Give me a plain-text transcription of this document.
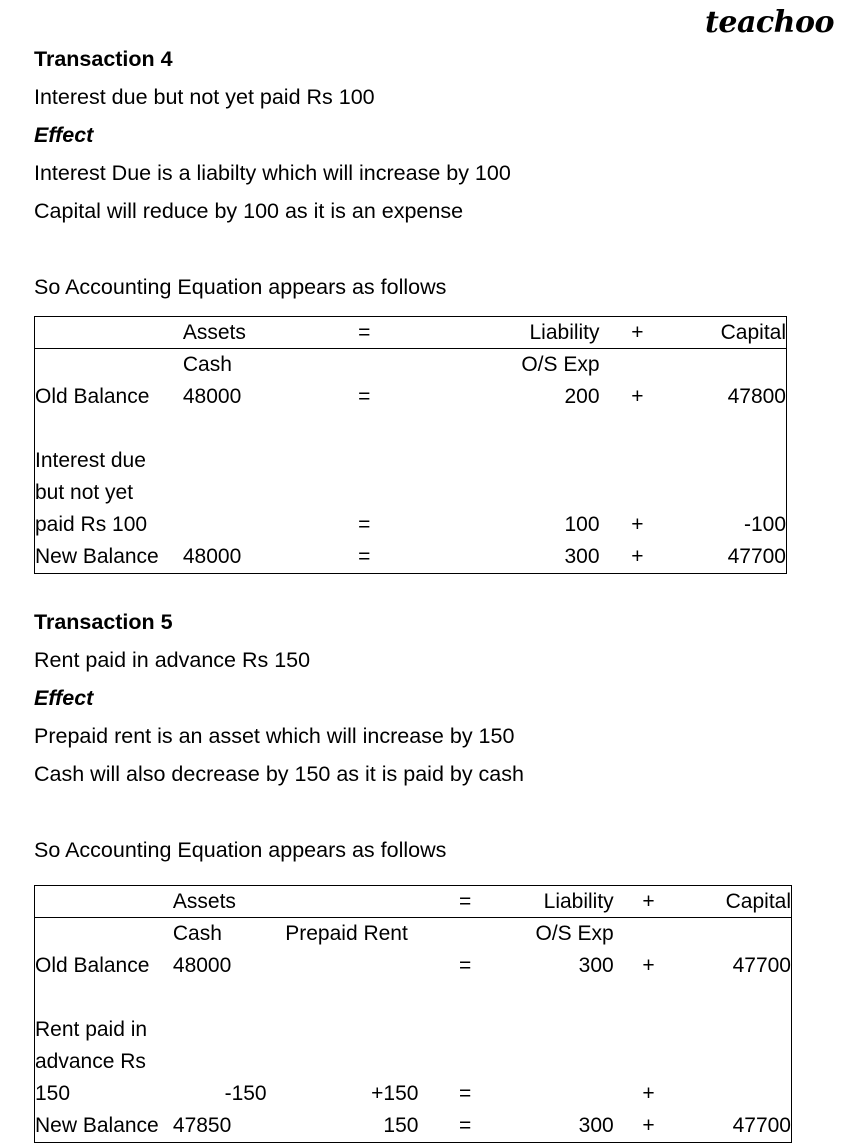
teachoo
Transaction 4
Interest due but not yet paid Rs 100
Effect
Interest Due is a liabilty which will increase by 100
Capital will reduce by 100 as it is an expense
So Accounting Equation appears as follows
	Assets	=	Liability	+	Capital
	Cash		O/S Exp		
Old Balance	48000	=	200	+	47800

Interest due
but not yet
paid Rs 100		=	100	+	-100
New Balance	48000	=	300	+	47700
Transaction 5
Rent paid in advance Rs 150
Effect
Prepaid rent is an asset which will increase by 150
Cash will also decrease by 150 as it is paid by cash
So Accounting Equation appears as follows
	Assets		=	Liability	+	Capital
	Cash	Prepaid Rent		O/S Exp		
Old Balance	48000		=	300	+	47700

Rent paid in
advance Rs
150	-150	+150	=		+	
New Balance	47850	150	=	300	+	47700
